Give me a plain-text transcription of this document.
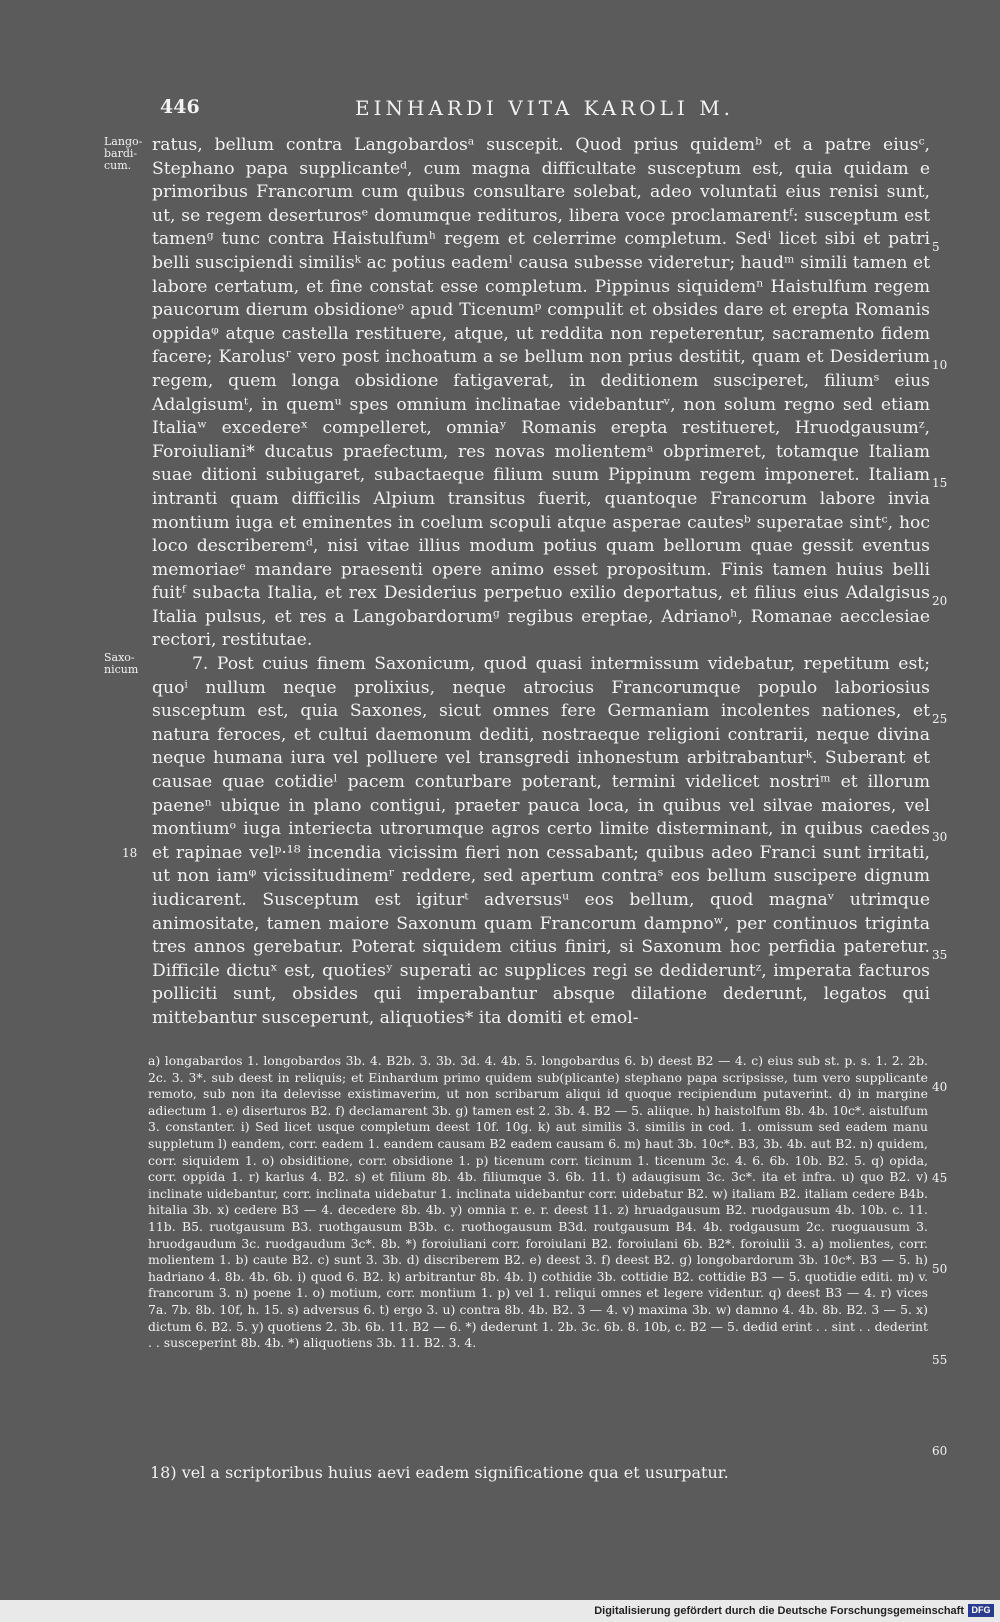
446	EINHARDI VITA KAROLI M.
Lango-bardi-cum.
Saxo-nicum
18

ratus, bellum contra Langobardosᵃ suscepit. Quod prius quidemᵇ et a patre eiusᶜ, Stephano papa supplicanteᵈ, cum magna difficultate susceptum est, quia quidam e primoribus Francorum cum quibus consultare solebat, adeo voluntati eius renisi sunt, ut, se regem deserturosᵉ domumque redituros, libera voce proclamarentᶠ: susceptum est tamenᵍ tunc contra Haistulfumʰ regem et celerrime completum. Sedⁱ licet sibi et patri belli suscipiendi similisᵏ ac potius eademˡ causa subesse videretur; haudᵐ simili tamen et labore certatum, et fine constat esse completum. Pippinus siquidemⁿ Haistulfum regem paucorum dierum obsidioneᵒ apud Ticenumᵖ compulit et obsides dare et erepta Romanis oppidaᵠ atque castella restituere, atque, ut reddita non repeterentur, sacramento fidem facere; Karolusʳ vero post inchoatum a se bellum non prius destitit, quam et Desiderium regem, quem longa obsidione fatigaverat, in deditionem susciperet, filiumˢ eius Adalgisumᵗ, in quemᵘ spes omnium inclinatae videbanturᵛ, non solum regno sed etiam Italiaʷ excedereˣ compelleret, omniaʸ Romanis erepta restitueret, Hruodgausumᶻ, Foroiuliani* ducatus praefectum, res novas molientemᵃ obprimeret, totamque Italiam suae ditioni subiugaret, subactaeque filium suum Pippinum regem imponeret. Italiam intranti quam difficilis Alpium transitus fuerit, quantoque Francorum labore invia montium iuga et eminentes in coelum scopuli atque asperae cautesᵇ superatae sintᶜ, hoc loco describeremᵈ, nisi vitae illius modum potius quam bellorum quae gessit eventus memoriaeᵉ mandare praesenti opere animo esset propositum. Finis tamen huius belli fuitᶠ subacta Italia, et rex Desiderius perpetuo exilio deportatus, et filius eius Adalgisus Italia pulsus, et res a Langobardorumᵍ regibus ereptae, Adrianoʰ, Romanae aecclesiae rectori, restitutae.

7. Post cuius finem Saxonicum, quod quasi intermissum videbatur, repetitum est; quoⁱ nullum neque prolixius, neque atrocius Francorumque populo laboriosius susceptum est, quia Saxones, sicut omnes fere Germaniam incolentes nationes, et natura feroces, et cultui daemonum dediti, nostraeque religioni contrarii, neque divina neque humana iura vel polluere vel transgredi inhonestum arbitrabanturᵏ. Suberant et causae quae cotidieˡ pacem conturbare poterant, termini videlicet nostriᵐ et illorum paeneⁿ ubique in plano contigui, praeter pauca loca, in quibus vel silvae maiores, vel montiumᵒ iuga interiecta utrorumque agros certo limite disterminant, in quibus caedes et rapinae velᵖ·¹⁸ incendia vicissim fieri non cessabant; quibus adeo Franci sunt irritati, ut non iamᵠ vicissitudinemʳ reddere, sed apertum contraˢ eos bellum suscipere dignum iudicarent. Susceptum est igiturᵗ adversusᵘ eos bellum, quod magnaᵛ utrimque animositate, tamen maiore Saxonum quam Francorum dampnoʷ, per continuos triginta tres annos gerebatur. Poterat siquidem citius finiri, si Saxonum hoc perfidia pateretur. Difficile dictuˣ est, quotiesʸ superati ac supplices regi se dedideruntᶻ, imperata facturos polliciti sunt, obsides qui imperabantur absque dilatione dederunt, legatos qui mittebantur susceperunt, aliquoties* ita domiti et emol-

5
10
15
20
25
30
35
40
45
50
55
60

a) longabardos 1. longobardos 3b. 4. B2b. 3. 3b. 3d. 4. 4b. 5. longobardus 6. b) deest B2 — 4. c) eius sub st. p. s. 1. 2. 2b. 2c. 3. 3*. sub deest in reliquis; et Einhardum primo quidem sub(plicante) stephano papa scripsisse, tum vero supplicante remoto, sub non ita delevisse existimaverim, ut non scribarum aliqui id quoque recipiendum putaverint. d) in margine adiectum 1. e) diserturos B2. f) declamarent 3b. g) tamen est 2. 3b. 4. B2 — 5. aliique. h) haistolfum 8b. 4b. 10c*. aistulfum 3. constanter. i) Sed licet usque completum deest 10f. 10g. k) aut similis 3. similis in cod. 1. omissum sed eadem manu suppletum l) eandem, corr. eadem 1. eandem causam B2 eadem causam 6. m) haut 3b. 10c*. B3, 3b. 4b. aut B2. n) quidem, corr. siquidem 1. o) obsiditione, corr. obsidione 1. p) ticenum corr. ticinum 1. ticenum 3c. 4. 6. 6b. 10b. B2. 5. q) opida, corr. oppida 1. r) karlus 4. B2. s) et filium 8b. 4b. filiumque 3. 6b. 11. t) adaugisum 3c. 3c*. ita et infra. u) quo B2. v) inclinate uidebantur, corr. inclinata uidebatur 1. inclinata uidebantur corr. uidebatur B2. w) italiam B2. italiam cedere B4b. hitalia 3b. x) cedere B3 — 4. decedere 8b. 4b. y) omnia r. e. r. deest 11. z) hruadgausum B2. ruodgausum 4b. 10b. c. 11. 11b. B5. ruotgausum B3. ruothgausum B3b. c. ruothogausum B3d. routgausum B4. 4b. rodgausum 2c. ruoguausum 3. hruodgaudum 3c. ruodgaudum 3c*. 8b. *) foroiuliani corr. foroiulani B2. foroiulani 6b. B2*. foroiulii 3. a) molientes, corr. molientem 1. b) caute B2. c) sunt 3. 3b. d) discriberem B2. e) deest 3. f) deest B2. g) longobardorum 3b. 10c*. B3 — 5. h) hadriano 4. 8b. 4b. 6b. i) quod 6. B2. k) arbitrantur 8b. 4b. l) cothidie 3b. cottidie B2. cottidie B3 — 5. quotidie editi. m) v. francorum 3. n) poene 1. o) motium, corr. montium 1. p) vel 1. reliqui omnes et legere videntur. q) deest B3 — 4. r) vices 7a. 7b. 8b. 10f, h. 15. s) adversus 6. t) ergo 3. u) contra 8b. 4b. B2. 3 — 4. v) maxima 3b. w) damno 4. 4b. 8b. B2. 3 — 5. x) dictum 6. B2. 5. y) quotiens 2. 3b. 6b. 11. B2 — 6. *) dederunt 1. 2b. 3c. 6b. 8. 10b, c. B2 — 5. dedid erint . . sint . . dederint . . susceperint 8b. 4b. *) aliquotiens 3b. 11. B2. 3. 4.

18) vel a scriptoribus huius aevi eadem significatione qua et usurpatur.
Digitalisierung gefördert durch die Deutsche Forschungsgemeinschaft DFG
